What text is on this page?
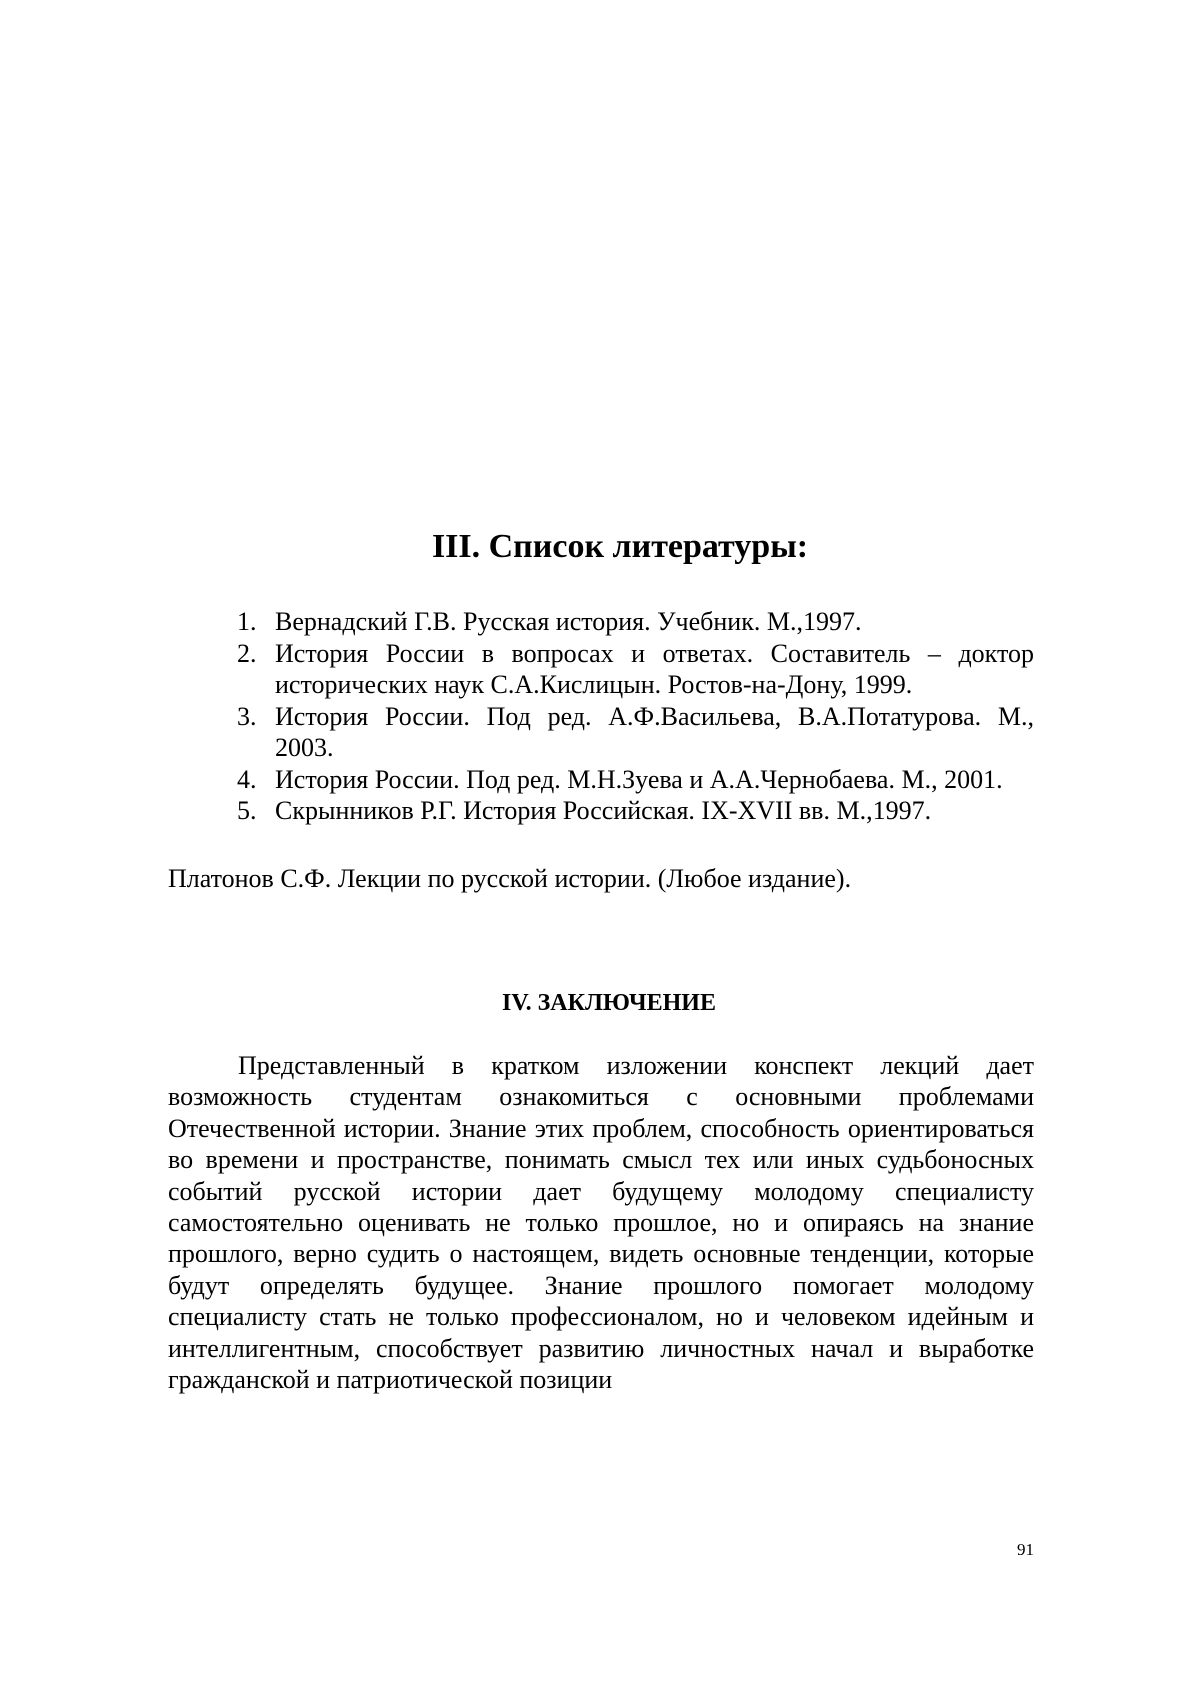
III. Список литературы:
1. Вернадский Г.В. Русская история. Учебник. М.,1997.
2. История России в вопросах и ответах. Составитель – доктор исторических наук С.А.Кислицын. Ростов-на-Дону, 1999.
3. История России. Под ред. А.Ф.Васильева, В.А.Потатурова. М., 2003.
4. История России. Под ред. М.Н.Зуева и А.А.Чернобаева. М., 2001.
5. Скрынников Р.Г. История Российская. IX-XVII вв. М.,1997.

Платонов С.Ф. Лекции по русской истории. (Любое издание).

IV. ЗАКЛЮЧЕНИЕ

Представленный в кратком изложении конспект лекций дает возможность студентам ознакомиться с основными проблемами Отечественной истории. Знание этих проблем, способность ориентироваться во времени и пространстве, понимать смысл тех или иных судьбоносных событий русской истории дает будущему молодому специалисту самостоятельно оценивать не только прошлое, но и опираясь на знание прошлого, верно судить о настоящем, видеть основные тенденции, которые будут определять будущее. Знание прошлого помогает молодому специалисту стать не только профессионалом, но и человеком идейным и интеллигентным, способствует развитию личностных начал и выработке гражданской и патриотической позиции

91
